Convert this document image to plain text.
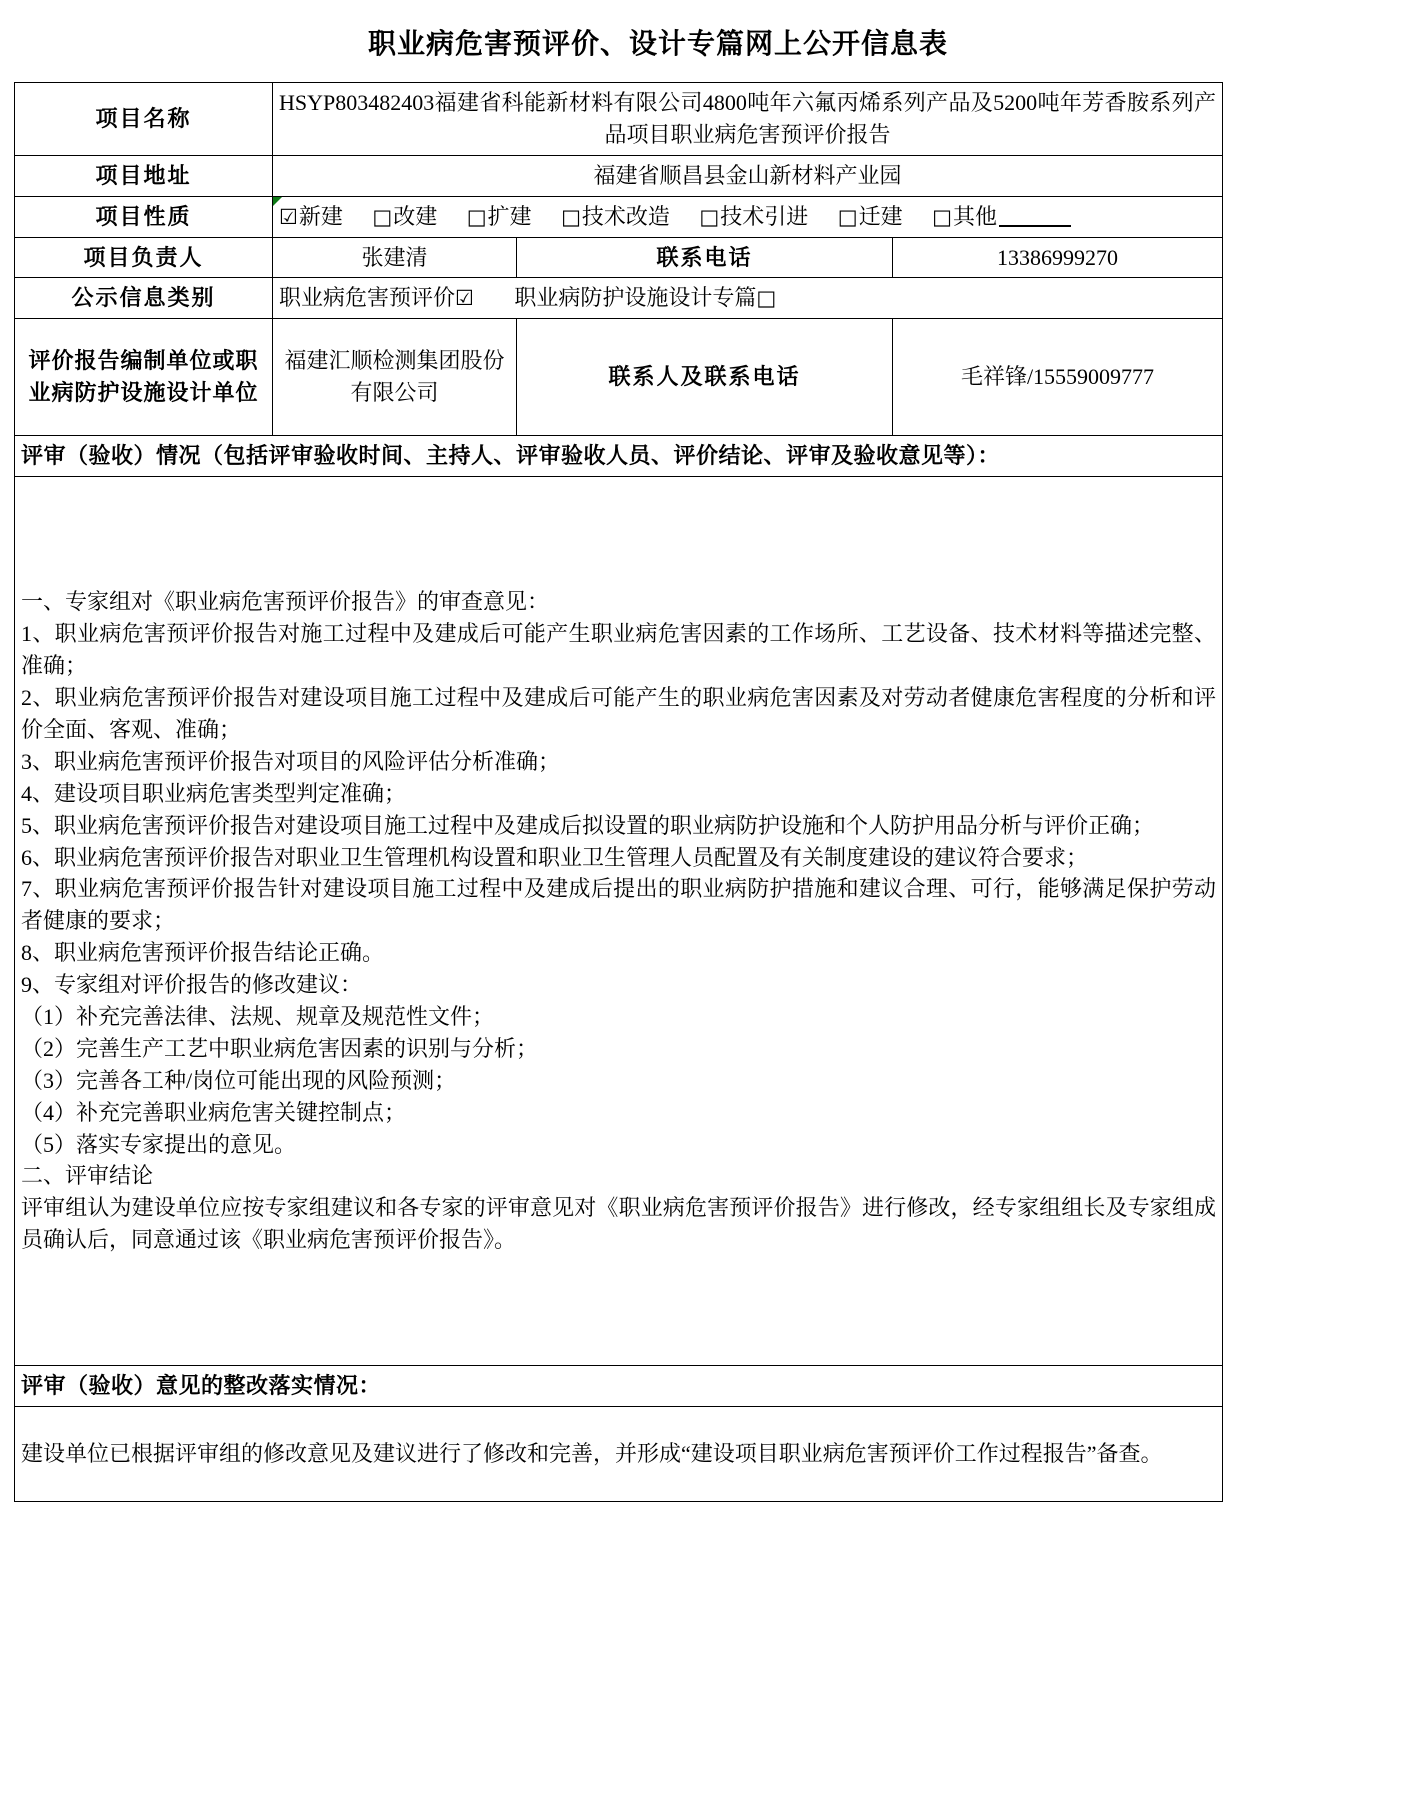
职业病危害预评价、设计专篇网上公开信息表
项目名称	HSYP803482403福建省科能新材料有限公司4800吨年六氟丙烯系列产品及5200吨年芳香胺系列产品项目职业病危害预评价报告		
项目地址	福建省顺昌县金山新材料产业园		
项目性质	☑新建 □改建 □扩建 □技术改造 □技术引进 □迁建 □其他		
项目负责人	张建清	联系电话	13386999270
公示信息类别	职业病危害预评价☑ 职业病防护设施设计专篇□		
评价报告编制单位或职业病防护设施设计单位	福建汇顺检测集团股份有限公司	联系人及联系电话	毛祥锋/15559009777
评审（验收）情况（包括评审验收时间、主持人、评审验收人员、评价结论、评审及验收意见等）：			

一、专家组对《职业病危害预评价报告》的审查意见：

1、职业病危害预评价报告对施工过程中及建成后可能产生职业病危害因素的工作场所、工艺设备、技术材料等描述完整、准确；

2、职业病危害预评价报告对建设项目施工过程中及建成后可能产生的职业病危害因素及对劳动者健康危害程度的分析和评价全面、客观、准确；

3、职业病危害预评价报告对项目的风险评估分析准确；

4、建设项目职业病危害类型判定准确；

5、职业病危害预评价报告对建设项目施工过程中及建成后拟设置的职业病防护设施和个人防护用品分析与评价正确；

6、职业病危害预评价报告对职业卫生管理机构设置和职业卫生管理人员配置及有关制度建设的建议符合要求；

7、职业病危害预评价报告针对建设项目施工过程中及建成后提出的职业病防护措施和建议合理、可行，能够满足保护劳动者健康的要求；

8、职业病危害预评价报告结论正确。

9、专家组对评价报告的修改建议：

（1）补充完善法律、法规、规章及规范性文件；

（2）完善生产工艺中职业病危害因素的识别与分析；

（3）完善各工种/岗位可能出现的风险预测；

（4）补充完善职业病危害关键控制点；

（5）落实专家提出的意见。

二、评审结论

评审组认为建设单位应按专家组建议和各专家的评审意见对《职业病危害预评价报告》进行修改，经专家组组长及专家组成员确认后，同意通过该《职业病危害预评价报告》。

评审（验收）意见的整改落实情况：			
建设单位已根据评审组的修改意见及建议进行了修改和完善，并形成“建设项目职业病危害预评价工作过程报告”备查。			
